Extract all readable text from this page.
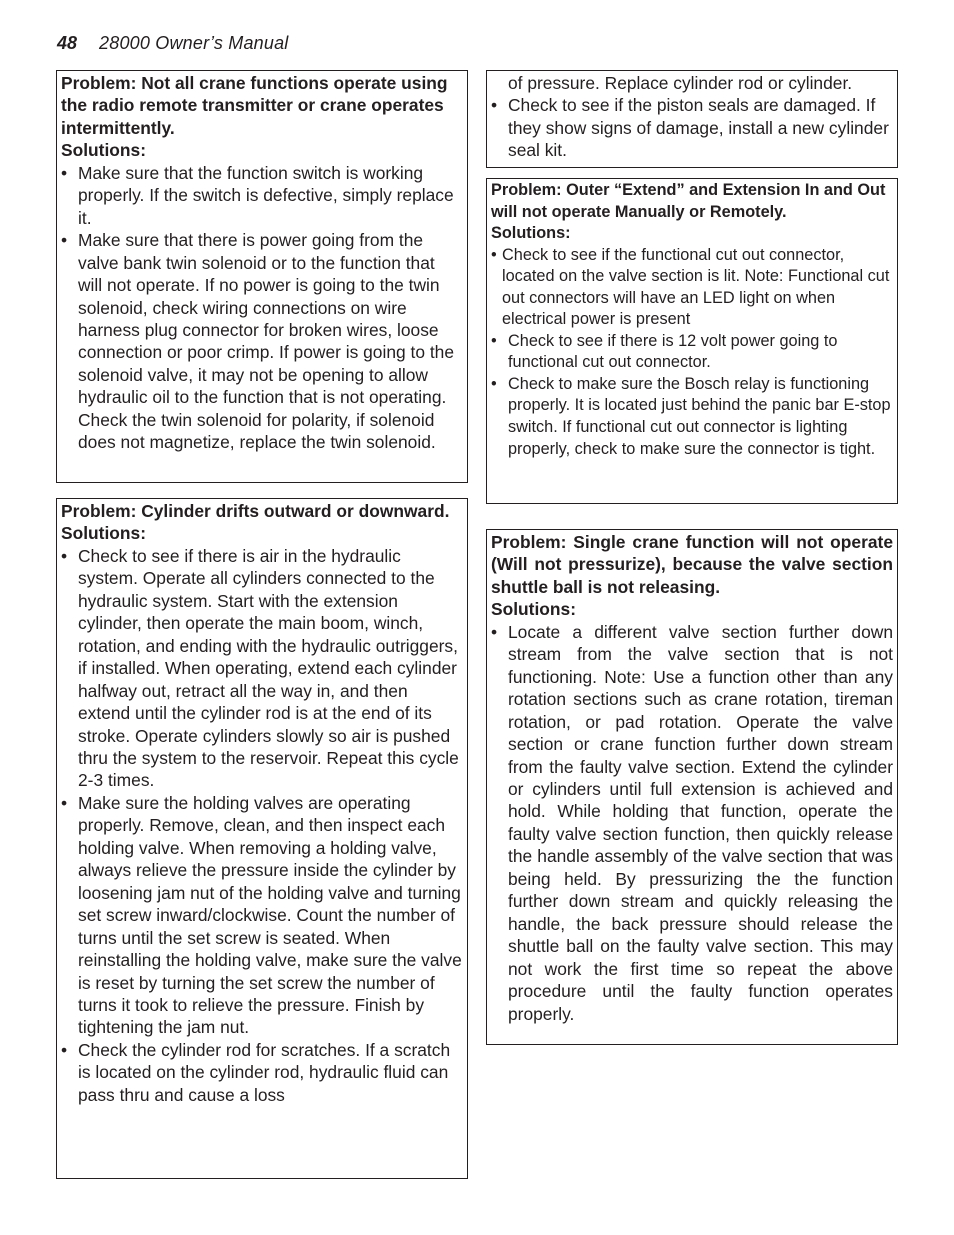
48 28000 Owner’s Manual
Problem: Not all crane functions operate using the radio remote transmitter or crane operates intermittently.
Solutions:
• Make sure that the function switch is working properly. If the switch is defective, simply replace it.
• Make sure that there is power going from the valve bank twin solenoid or to the function that will not operate. If no power is going to the twin solenoid, check wiring connections on wire harness plug connector for broken wires, loose connection or poor crimp. If power is going to the solenoid valve, it may not be opening to allow hydraulic oil to the function that is not operating. Check the twin solenoid for polarity, if solenoid does not magnetize, replace the twin solenoid.
Problem: Cylinder drifts outward or downward.
Solutions:
• Check to see if there is air in the hydraulic system. Operate all cylinders connected to the hydraulic system. Start with the extension cylinder, then operate the main boom, winch, rotation, and ending with the hydraulic outriggers, if installed. When operating, extend each cylinder halfway out, retract all the way in, and then extend until the cylinder rod is at the end of its stroke. Operate cylinders slowly so air is pushed thru the system to the reservoir. Repeat this cycle 2-3 times.
• Make sure the holding valves are operating properly. Remove, clean, and then inspect each holding valve. When removing a holding valve, always relieve the pressure inside the cylinder by loosening jam nut of the holding valve and turning set screw inward/clockwise. Count the number of turns until the set screw is seated. When reinstalling the holding valve, make sure the valve is reset by turning the set screw the number of turns it took to relieve the pressure. Finish by tightening the jam nut.
• Check the cylinder rod for scratches. If a scratch is located on the cylinder rod, hydraulic fluid can pass thru and cause a loss
of pressure. Replace cylinder rod or cylinder.
• Check to see if the piston seals are damaged. If they show signs of damage, install a new cylinder seal kit.
Problem: Outer “Extend” and Extension In and Out will not operate Manually or Remotely.
Solutions:
• Check to see if the functional cut out connector, located on the valve section is lit. Note: Functional cut out connectors will have an LED light on when electrical power is present
• Check to see if there is 12 volt power going to functional cut out connector.
• Check to make sure the Bosch relay is functioning properly. It is located just behind the panic bar E-stop switch. If functional cut out connector is lighting properly, check to make sure the connector is tight.
Problem: Single crane function will not operate (Will not pressurize), because the valve section shuttle ball is not releasing.
Solutions:
• Locate a different valve section further down stream from the valve section that is not functioning. Note: Use a function other than any rotation sections such as crane rotation, tireman rotation, or pad rotation. Operate the valve section or crane function further down stream from the faulty valve section. Extend the cylinder or cylinders until full extension is achieved and hold. While holding that function, operate the faulty valve section function, then quickly release the handle assembly of the valve section that was being held. By pressurizing the the function further down stream and quickly releasing the handle, the back pressure should release the shuttle ball on the faulty valve section. This may not work the first time so repeat the above procedure until the faulty function operates properly.
